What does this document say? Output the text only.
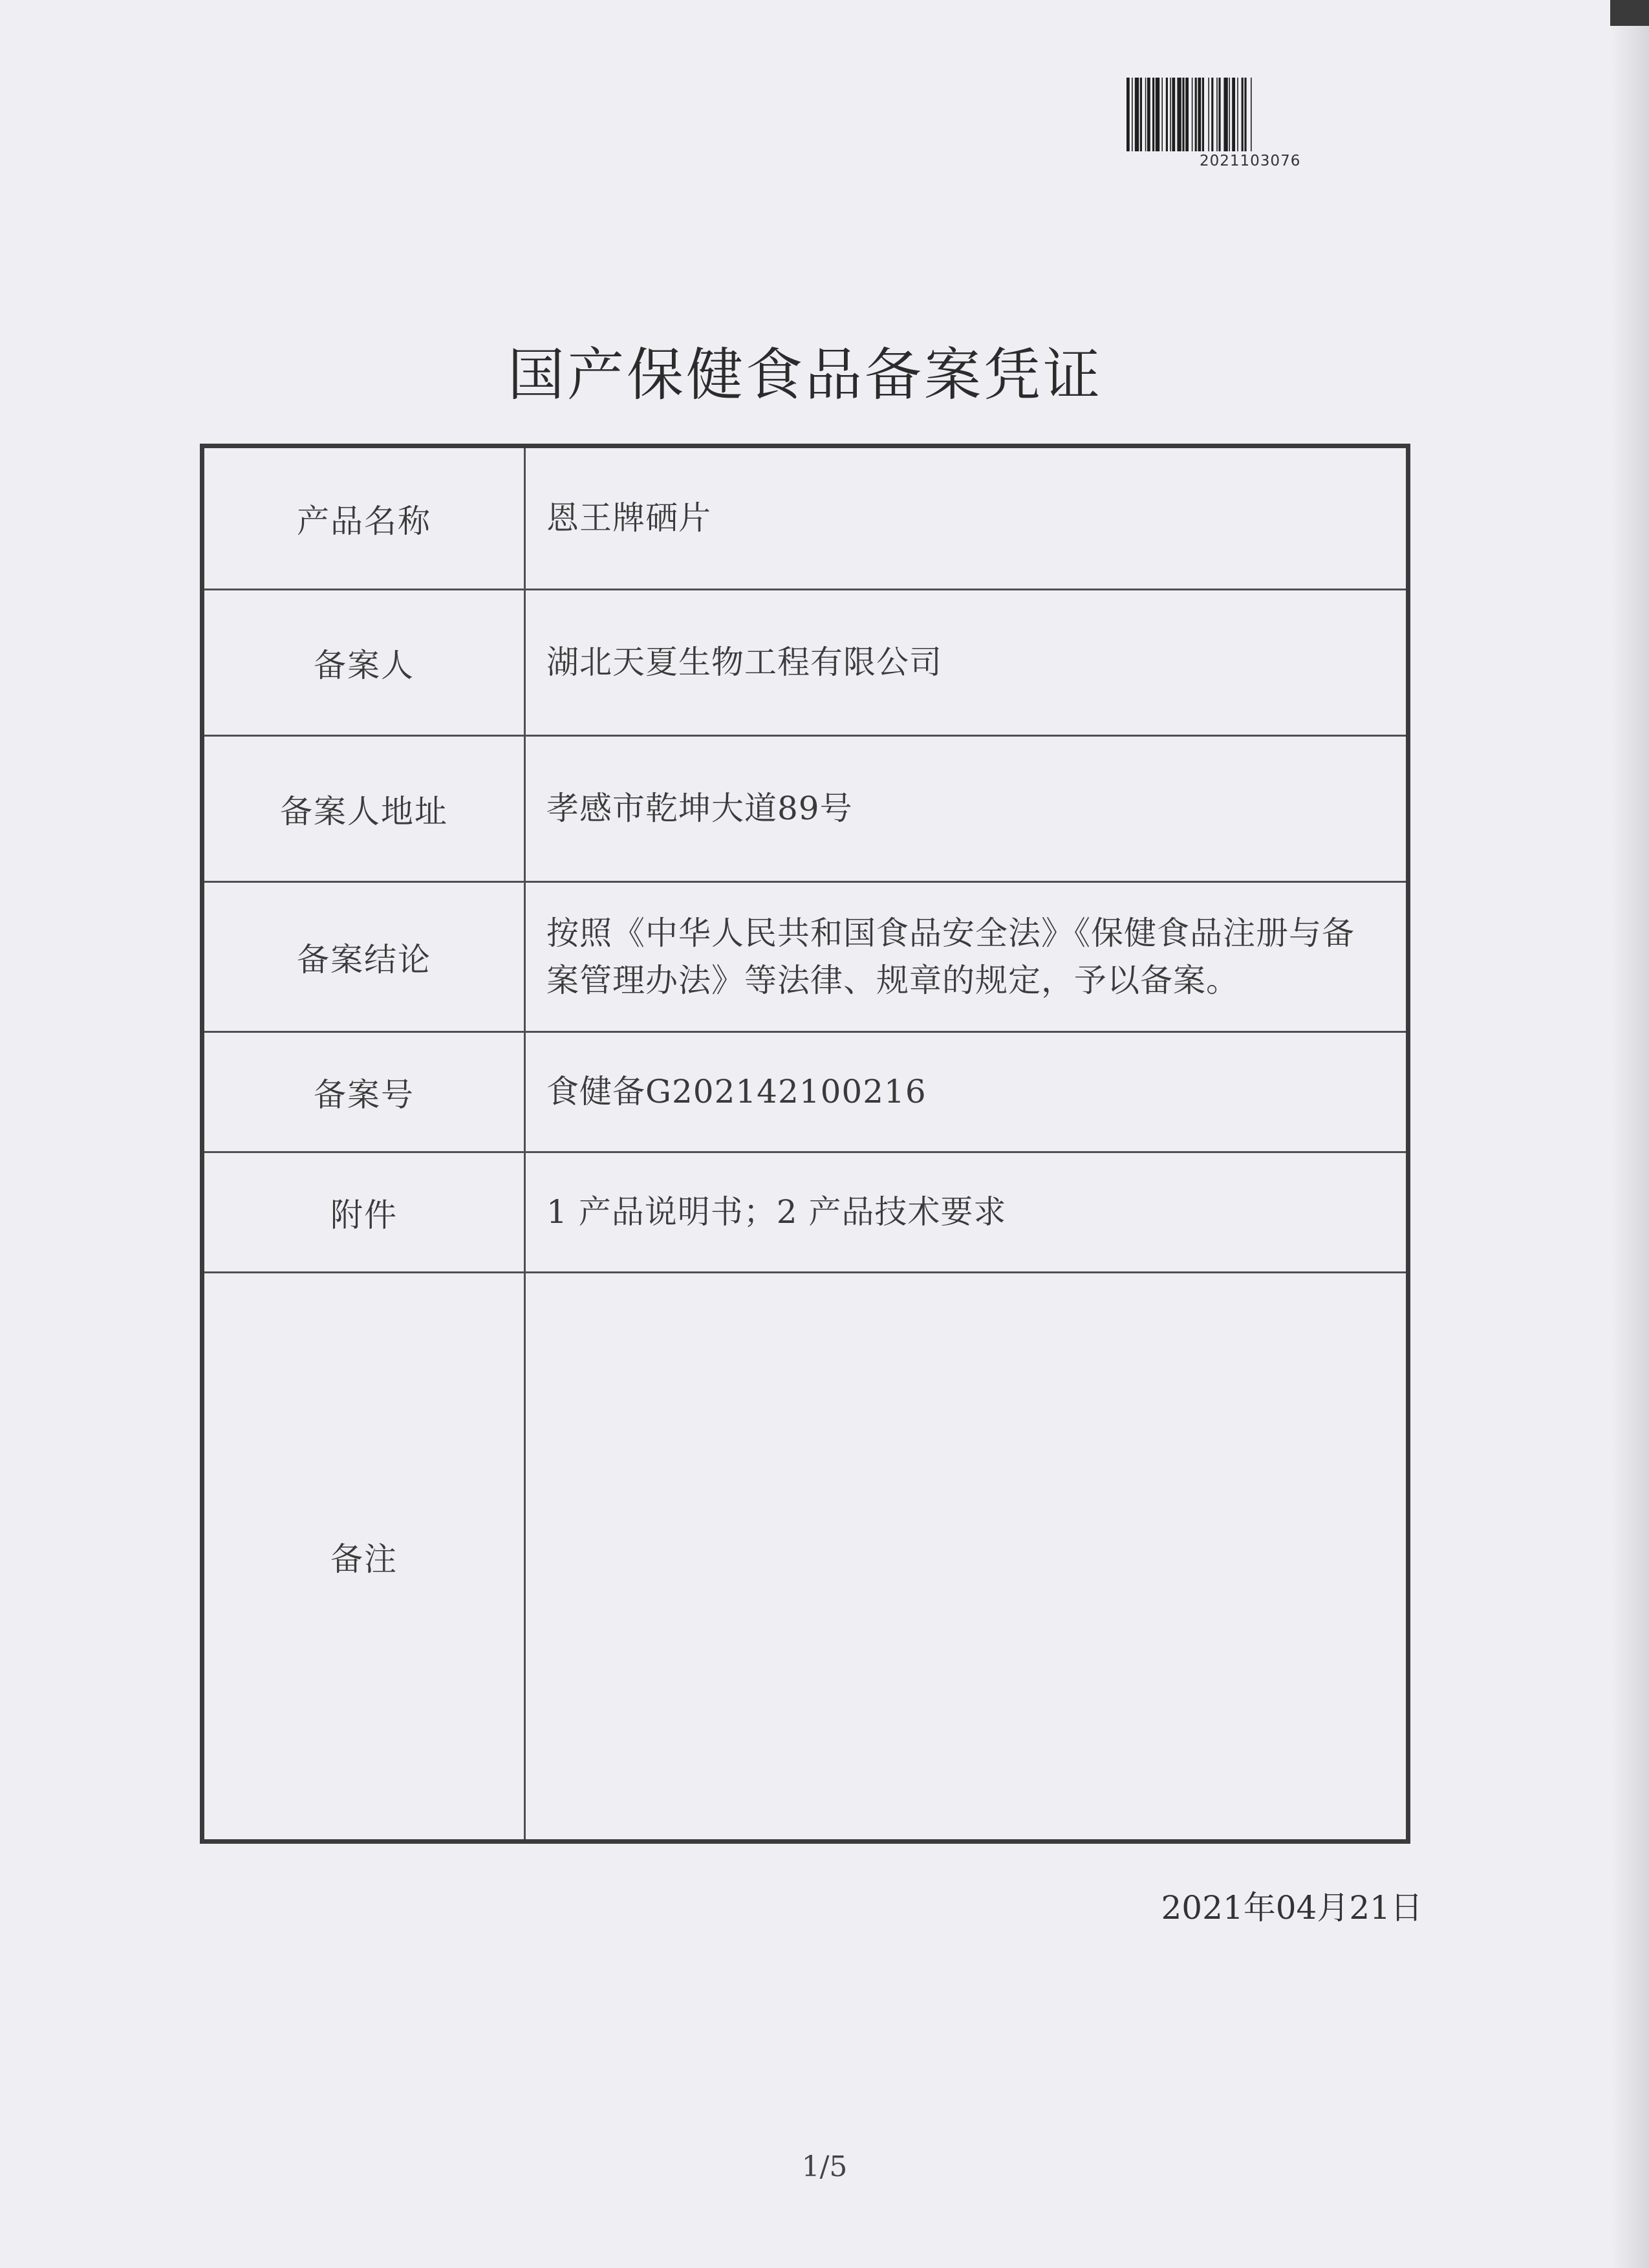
2021103076
国产保健食品备案凭证
产品名称	恩王牌硒片
备案人	湖北天夏生物工程有限公司
备案人地址	孝感市乾坤大道89号
备案结论	按照《中华人民共和国食品安全法》《保健食品注册与备案管理办法》等法律、规章的规定，予以备案。
备案号	食健备G202142100216
附件	1 产品说明书；2 产品技术要求
备注	
2021年04月21日
1/5
